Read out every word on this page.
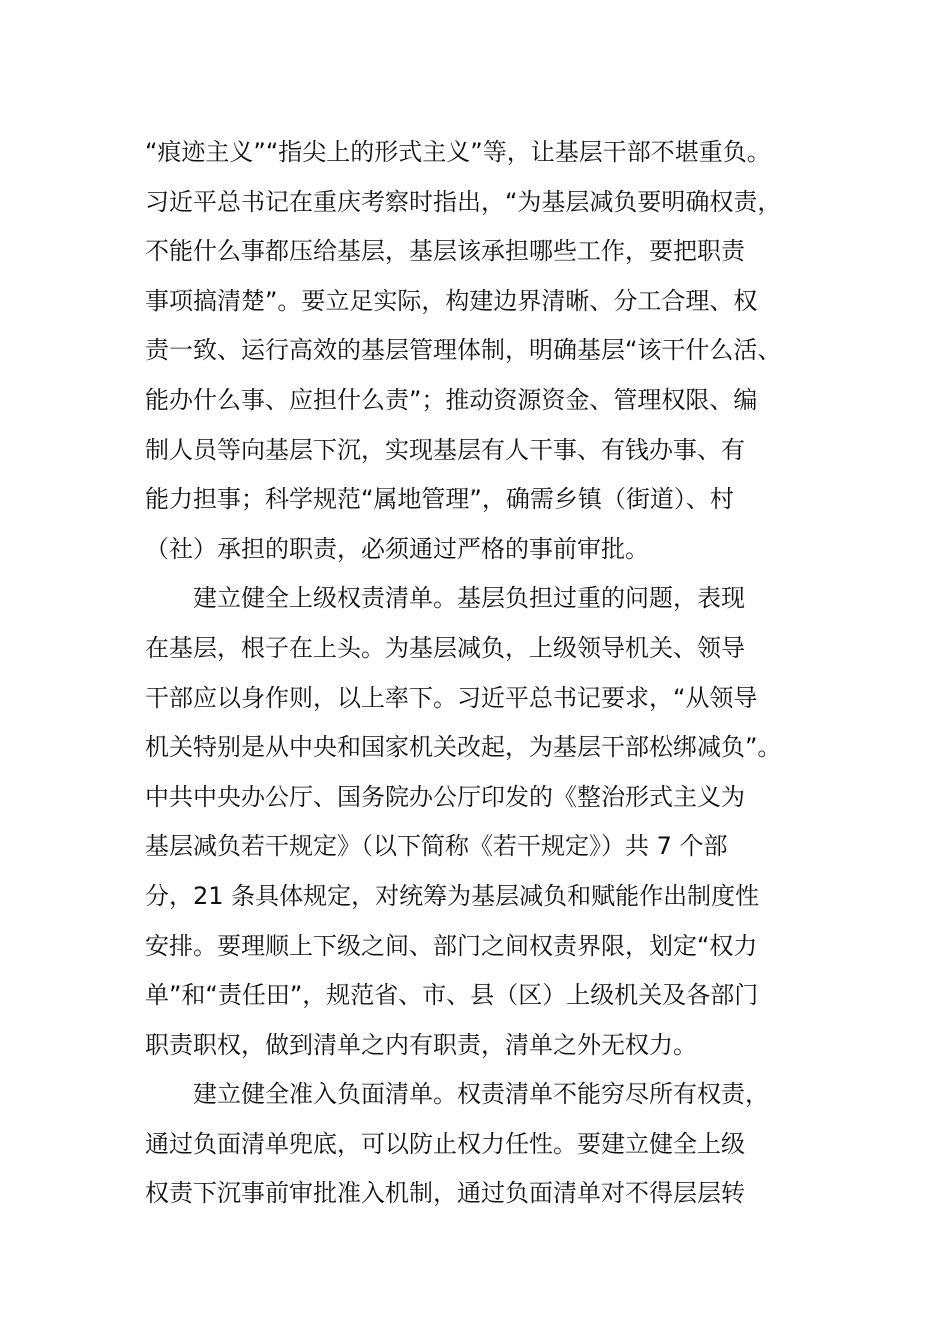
“痕迹主义”“指尖上的形式主义”等，让基层干部不堪重负。
习近平总书记在重庆考察时指出，“为基层减负要明确权责，
不能什么事都压给基层，基层该承担哪些工作，要把职责
事项搞清楚”。要立足实际，构建边界清晰、分工合理、权
责一致、运行高效的基层管理体制，明确基层“该干什么活、
能办什么事、应担什么责”；推动资源资金、管理权限、编
制人员等向基层下沉，实现基层有人干事、有钱办事、有
能力担事；科学规范“属地管理”，确需乡镇（街道）、村
（社）承担的职责，必须通过严格的事前审批。
建立健全上级权责清单。基层负担过重的问题，表现
在基层，根子在上头。为基层减负，上级领导机关、领导
干部应以身作则，以上率下。习近平总书记要求，“从领导
机关特别是从中央和国家机关改起，为基层干部松绑减负”。
中共中央办公厅、国务院办公厅印发的《整治形式主义为
基层减负若干规定》（以下简称《若干规定》）共 7 个部
分，21 条具体规定，对统筹为基层减负和赋能作出制度性
安排。要理顺上下级之间、部门之间权责界限，划定“权力
单”和“责任田”，规范省、市、县（区）上级机关及各部门
职责职权，做到清单之内有职责，清单之外无权力。
建立健全准入负面清单。权责清单不能穷尽所有权责，
通过负面清单兜底，可以防止权力任性。要建立健全上级
权责下沉事前审批准入机制，通过负面清单对不得层层转
